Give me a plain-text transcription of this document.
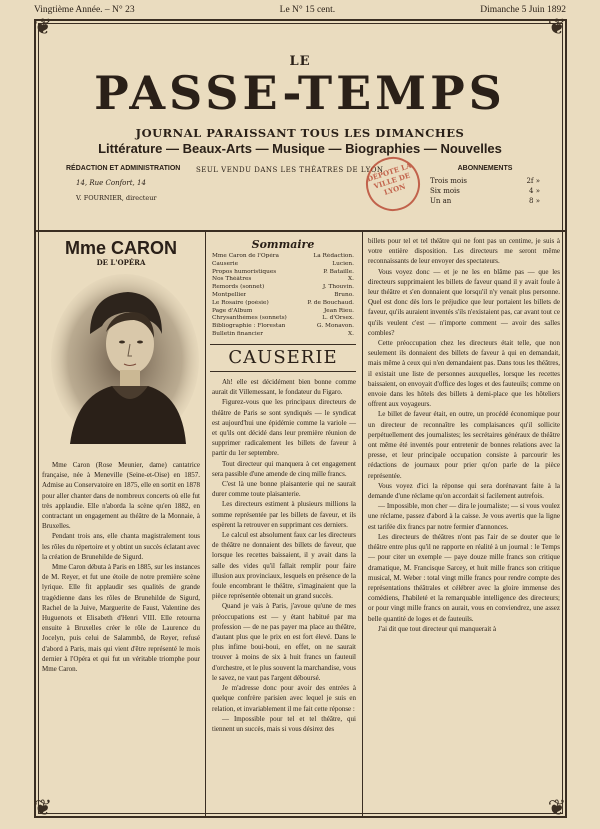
Vingtième Année. – N° 23	Le N° 15 cent.	Dimanche 5 Juin 1892
❦	❦
❦	❦
LE
PASSE-TEMPS
JOURNAL PARAISSANT TOUS LES DIMANCHES
Littérature — Beaux-Arts — Musique — Biographies — Nouvelles
RÉDACTION ET ADMINISTRATION
14, Rue Confort, 14
V. FOURNIER, directeur
SEUL VENDU DANS LES THÉATRES DE LYON
DÉPOTE LA VILLE DE LYON
ABONNEMENTS
Trois mois	2f »
Six mois	4 »
Un an	8 »
Mme CARON
DE L'OPÉRA

Mme Caron (Rose Meunier, dame) cantatrice française, née à Meneville (Seine-et-Oise) en 1857. Admise au Conservatoire en 1875, elle en sortit en 1878 pour aller chanter dans de nombreux concerts où elle fut très applaudie. Elle n'aborda la scène qu'en 1882, en contractant un engagement au théâtre de la Monnaie, à Bruxelles.

Pendant trois ans, elle chanta magistralement tous les rôles du répertoire et y obtint un succès éclatant avec la création de Brunehilde de Sigurd.

Mme Caron débuta à Paris en 1885, sur les instances de M. Reyer, et fut une étoile de notre première scène lyrique. Elle fit applaudir ses qualités de grande tragédienne dans les rôles de Brunehilde de Sigurd, Rachel de la Juive, Marguerite de Faust, Valentine des Huguenots et Elisabeth d'Henri VIII. Elle retourna ensuite à Bruxelles créer le rôle de Laurence du Jocelyn, puis celui de Salammbô, de Reyer, refusé d'abord à Paris, mais qui vient d'être représenté le mois dernier à l'Opéra et qui fut un véritable triomphe pour Mme Caron.

Sommaire
Mme Caron de l'Opéra	La Rédaction.
Causerie	Lucien.
Propos humoristiques	P. Bataille.
Nos Théâtres	X.
Remords (sonnet)	J. Thouvin.
Montpellier	Bruno.
Le Rosaire (poésie)	P. de Bouchaud.
Page d'Album	Jean Rieu.
Chrysanthèmes (sonnets)	L. d'Orsex.
Bibliographie : Florestan	G. Monavon.
Bulletin financier	X.
CAUSERIE

Ah! elle est décidément bien bonne comme aurait dit Villemessant, le fondateur du Figaro.

Figurez-vous que les principaux directeurs de théâtre de Paris se sont syndiqués — le syndicat est aujourd'hui une épidémie comme la variole — et qu'ils ont décidé dans leur première réunion de supprimer radicalement les billets de faveur à partir du 1er septembre.

Tout directeur qui manquera à cet engagement sera passible d'une amende de cinq mille francs.

C'est là une bonne plaisanterie qui ne saurait durer comme toute plaisanterie.

Les directeurs estiment à plusieurs millions la somme représentée par les billets de faveur, et ils espèrent la retrouver en supprimant ces derniers.

Le calcul est absolument faux car les directeurs de théâtre ne donnaient des billets de faveur, que lorsque les recettes baissaient, il y avait dans la salle des vides qu'il fallait remplir pour faire illusion aux provinciaux, lesquels en présence de la foule encombrant le théâtre, s'imaginaient que la pièce représentée obtenait un grand succès.

Quand je vais à Paris, j'avoue qu'une de mes préoccupations est — y étant habitué par ma profession — de ne pas payer ma place au théâtre, d'autant plus que le prix en est fort élevé. Dans le plus infime boui-boui, en effet, on ne saurait trouver à moins de six à huit francs un fauteuil d'orchestre, et le plus souvent la marchandise, vous le savez, ne vaut pas l'argent déboursé.

Je m'adresse donc pour avoir des entrées à quelque confrère parisien avec lequel je suis en relation, et invariablement il me fait cette réponse :

— Impossible pour tel et tel théâtre, qui tiennent un succès, mais si vous désirez des

billets pour tel et tel théâtre qui ne font pas un centime, je suis à votre entière disposition. Les directeurs me seront même reconnaissants de leur envoyer des spectateurs.

Vous voyez donc — et je ne les en blâme pas — que les directeurs supprimaient les billets de faveur quand il y avait foule à leur théâtre et s'en donnaient que lorsqu'il n'y venait plus personne. Quel est donc dès lors le préjudice que leur portaient les billets de faveur, qu'ils auraient inventés s'ils n'existaient pas, car avant tout ce qu'ils veulent c'est — n'importe comment — avoir des salles combles?

Cette préoccupation chez les directeurs était telle, que non seulement ils donnaient des billets de faveur à qui en demandait, mais même à ceux qui n'en demandaient pas. Dans tous les théâtres, il existait une liste de personnes auxquelles, lorsque les recettes baissaient, on envoyait d'office des loges et des fauteuils; comme on envoie dans les hôtels des billets à demi-place que les hôteliers offrent aux voyageurs.

Le billet de faveur était, en outre, un procédé économique pour un directeur de reconnaître les complaisances qu'il sollicite perpétuellement des journalistes; les secrétaires généraux de théâtre ont même été inventés pour entretenir de bonnes relations avec la presse, et leur principale occupation consiste à parcourir les rédactions de journaux pour prier qu'on parle de la pièce représentée.

Vous voyez d'ici la réponse qui sera dorénavant faite à la demande d'une réclame qu'on accordait si facilement autrefois.

— Impossible, mon cher — dira le journaliste; — si vous voulez une réclame, passez d'abord à la caisse. Je vous avertis que la ligne est tarifée dix francs par notre fermier d'annonces.

Les directeurs de théâtres n'ont pas l'air de se douter que le théâtre entre plus qu'il ne rapporte en réalité à un journal : le Temps — pour citer un exemple — paye douze mille francs son critique dramatique, M. Francisque Sarcey, et huit mille francs son critique musical, M. Weber : total vingt mille francs pour rendre compte des représentations théâtrales et célébrer avec la gloire immense des comédiens, l'habileté et la remarquable intelligence des directeurs; or pour vingt mille francs on aurait, vous en conviendrez, une assez belle quantité de loges et de fauteuils.

J'ai dit que tout directeur qui manquerait à
